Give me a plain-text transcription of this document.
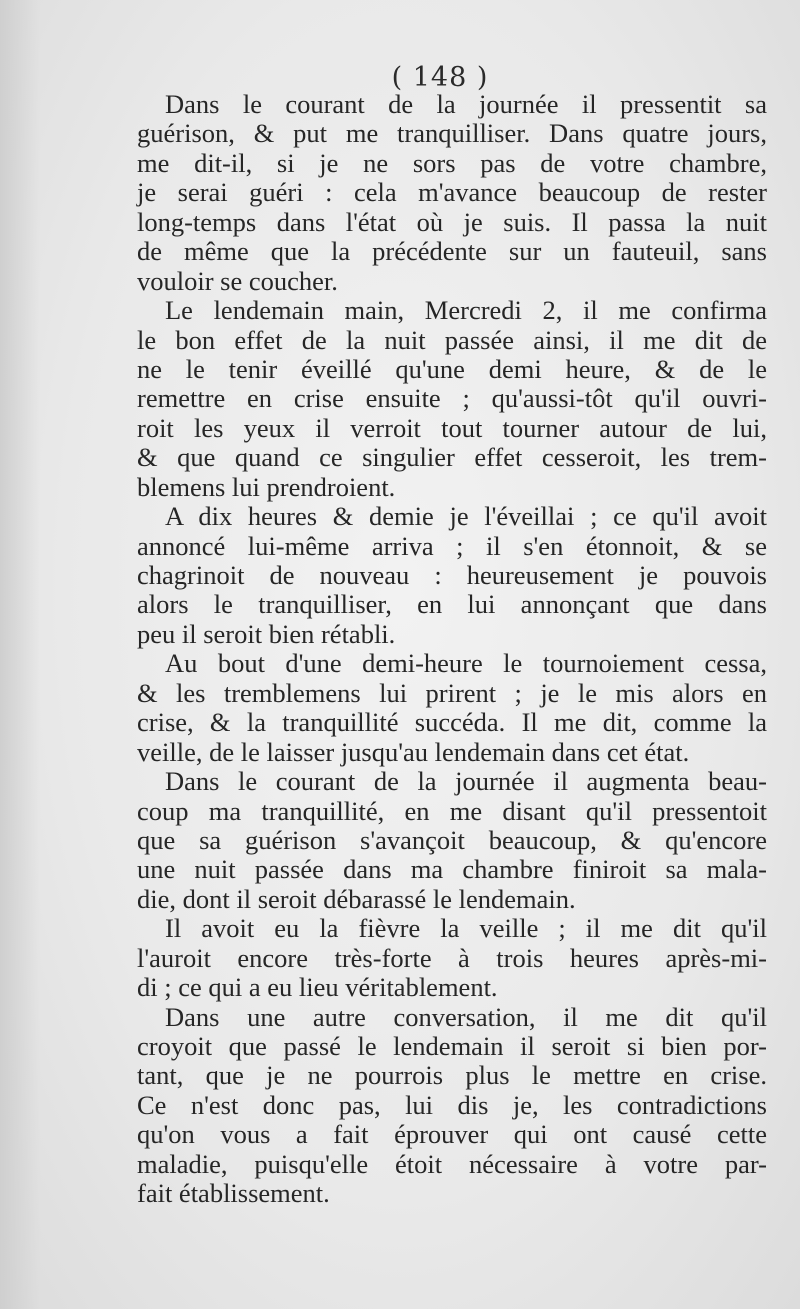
( 148 )
Dans le courant de la journée il pressentit sa
guérison, & put me tranquilliser. Dans quatre jours,
me dit-il, si je ne sors pas de votre chambre,
je serai guéri : cela m'avance beaucoup de rester
long-temps dans l'état où je suis. Il passa la nuit
de même que la précédente sur un fauteuil, sans
vouloir se coucher.
Le lendemain main, Mercredi 2, il me confirma
le bon effet de la nuit passée ainsi, il me dit de
ne le tenir éveillé qu'une demi heure, & de le
remettre en crise ensuite ; qu'aussi-tôt qu'il ouvri-
roit les yeux il verroit tout tourner autour de lui,
& que quand ce singulier effet cesseroit, les trem-
blemens lui prendroient.
A dix heures & demie je l'éveillai ; ce qu'il avoit
annoncé lui-même arriva ; il s'en étonnoit, & se
chagrinoit de nouveau : heureusement je pouvois
alors le tranquilliser, en lui annonçant que dans
peu il seroit bien rétabli.
Au bout d'une demi-heure le tournoiement cessa,
& les tremblemens lui prirent ; je le mis alors en
crise, & la tranquillité succéda. Il me dit, comme la
veille, de le laisser jusqu'au lendemain dans cet état.
Dans le courant de la journée il augmenta beau-
coup ma tranquillité, en me disant qu'il pressentoit
que sa guérison s'avançoit beaucoup, & qu'encore
une nuit passée dans ma chambre finiroit sa mala-
die, dont il seroit débarassé le lendemain.
Il avoit eu la fièvre la veille ; il me dit qu'il
l'auroit encore très-forte à trois heures après-mi-
di ; ce qui a eu lieu véritablement.
Dans une autre conversation, il me dit qu'il
croyoit que passé le lendemain il seroit si bien por-
tant, que je ne pourrois plus le mettre en crise.
Ce n'est donc pas, lui dis je, les contradictions
qu'on vous a fait éprouver qui ont causé cette
maladie, puisqu'elle étoit nécessaire à votre par-
fait établissement.
